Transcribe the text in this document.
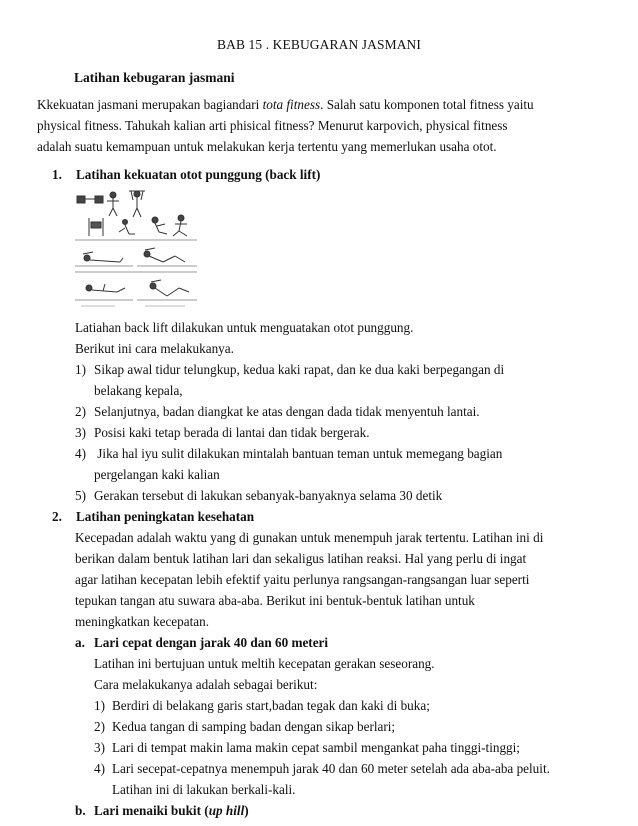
BAB 15 . KEBUGARAN JASMANI
Latihan kebugaran jasmani
Kkekuatan jasmani merupakan bagiandari tota fitness. Salah satu komponen total fitness yaitu
physical fitness. Tahukah kalian arti phisical fitness? Menurut karpovich, physical fitness
adalah suatu kemampuan untuk melakukan kerja tertentu yang memerlukan usaha otot.
1. Latihan kekuatan otot punggung (back lift)
Latiahan back lift dilakukan untuk menguatakan otot punggung.
Berikut ini cara melakukanya.
1) Sikap awal tidur telungkup, kedua kaki rapat, dan ke dua kaki berpegangan di
belakang kepala,
2) Selanjutnya, badan diangkat ke atas dengan dada tidak menyentuh lantai.
3) Posisi kaki tetap berada di lantai dan tidak bergerak.
4) Jika hal iyu sulit dilakukan mintalah bantuan teman untuk memegang bagian
pergelangan kaki kalian
5) Gerakan tersebut di lakukan sebanyak-banyaknya selama 30 detik
2. Latihan peningkatan kesehatan
Kecepadan adalah waktu yang di gunakan untuk menempuh jarak tertentu. Latihan ini di
berikan dalam bentuk latihan lari dan sekaligus latihan reaksi. Hal yang perlu di ingat
agar latihan kecepatan lebih efektif yaitu perlunya rangsangan-rangsangan luar seperti
tepukan tangan atu suwara aba-aba. Berikut ini bentuk-bentuk latihan untuk
meningkatkan kecepatan.
a. Lari cepat dengan jarak 40 dan 60 meteri
Latihan ini bertujuan untuk meltih kecepatan gerakan seseorang.
Cara melakukanya adalah sebagai berikut:
1) Berdiri di belakang garis start,badan tegak dan kaki di buka;
2) Kedua tangan di samping badan dengan sikap berlari;
3) Lari di tempat makin lama makin cepat sambil mengankat paha tinggi-tinggi;
4) Lari secepat-cepatnya menempuh jarak 40 dan 60 meter setelah ada aba-aba peluit.
Latihan ini di lakukan berkali-kali.
b. Lari menaiki bukit (up hill)
